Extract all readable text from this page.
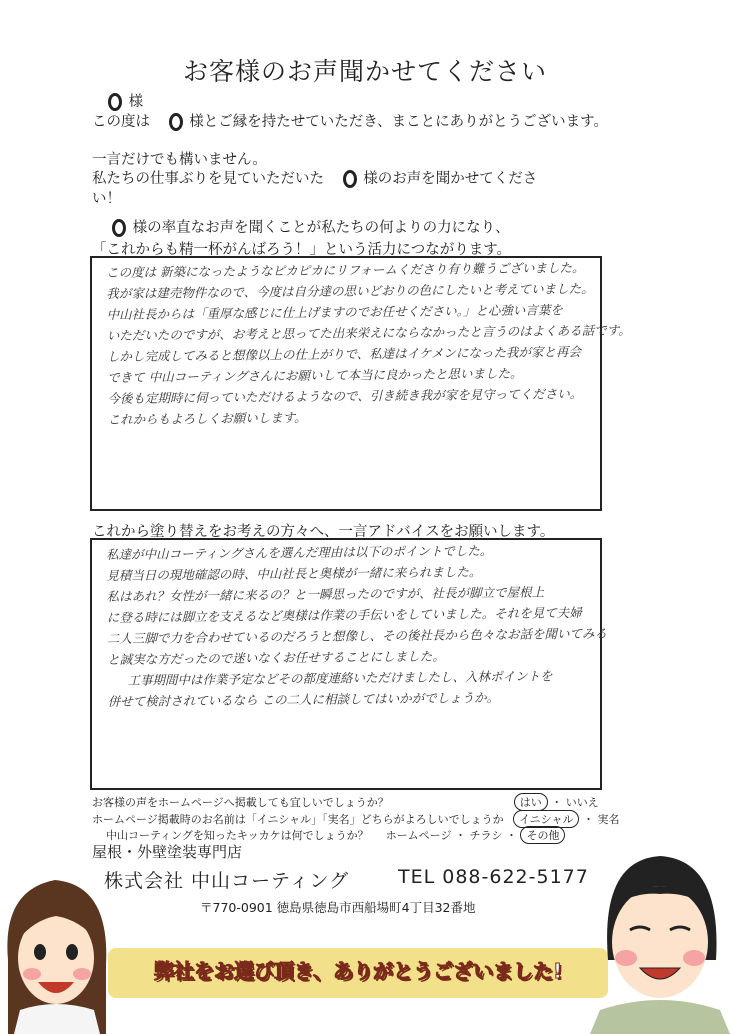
お客様のお声聞かせてください
様
この度は	様とご縁を持たせていただき、まことにありがとうございます。
一言だけでも構いません。
私たちの仕事ぶりを見ていただいた	様のお声を聞かせてくださ
い！
様の率直なお声を聞くことが私たちの何よりの力になり、
「これからも精一杯がんばろう！」という活力につながります。
この度は 新築になったようなピカピカにリフォームくださり有り難うございました。
我が家は建売物件なので、今度は自分達の思いどおりの色にしたいと考えていました。
中山社長からは「重厚な感じに仕上げますのでお任せください。」と心強い言葉を
いただいたのですが、お考えと思ってた出来栄えにならなかったと言うのはよくある話です。
しかし完成してみると想像以上の仕上がりで、私達はイケメンになった我が家と再会
できて 中山コーティングさんにお願いして本当に良かったと思いました。
今後も定期時に伺っていただけるようなので、引き続き我が家を見守ってください。
これからもよろしくお願いします。
これから塗り替えをお考えの方々へ、一言アドバイスをお願いします。
私達が中山コーティングさんを選んだ理由は以下のポイントでした。
見積当日の現地確認の時、中山社長と奥様が一緒に来られました。
私はあれ？女性が一緒に来るの？と一瞬思ったのですが、社長が脚立で屋根上
に登る時には脚立を支えるなど奥様は作業の手伝いをしていました。それを見て夫婦
二人三脚で力を合わせているのだろうと想像し、その後社長から色々なお話を聞いてみる
と誠実な方だったので迷いなくお任せすることにしました。
工事期間中は作業予定などその都度連絡いただけましたし、入林ポイントを
併せて検討されているなら この二人に相談してはいかがでしょうか。
お客様の声をホームページへ掲載しても宜しいでしょうか？	はい ・ いいえ
ホームページ掲載時のお名前は「イニシャル」「実名」どちらがよろしいでしょうか イニシャル ・ 実名
中山コーティングを知ったキッカケは何でしょうか？ ホームページ ・ チラシ ・ その他
屋根・外壁塗装専門店
株式会社 中山コーティング	TEL 088-622-5177
〒770-0901 徳島県徳島市西船場町4丁目32番地
弊社をお選び頂き、ありがとうございました!
